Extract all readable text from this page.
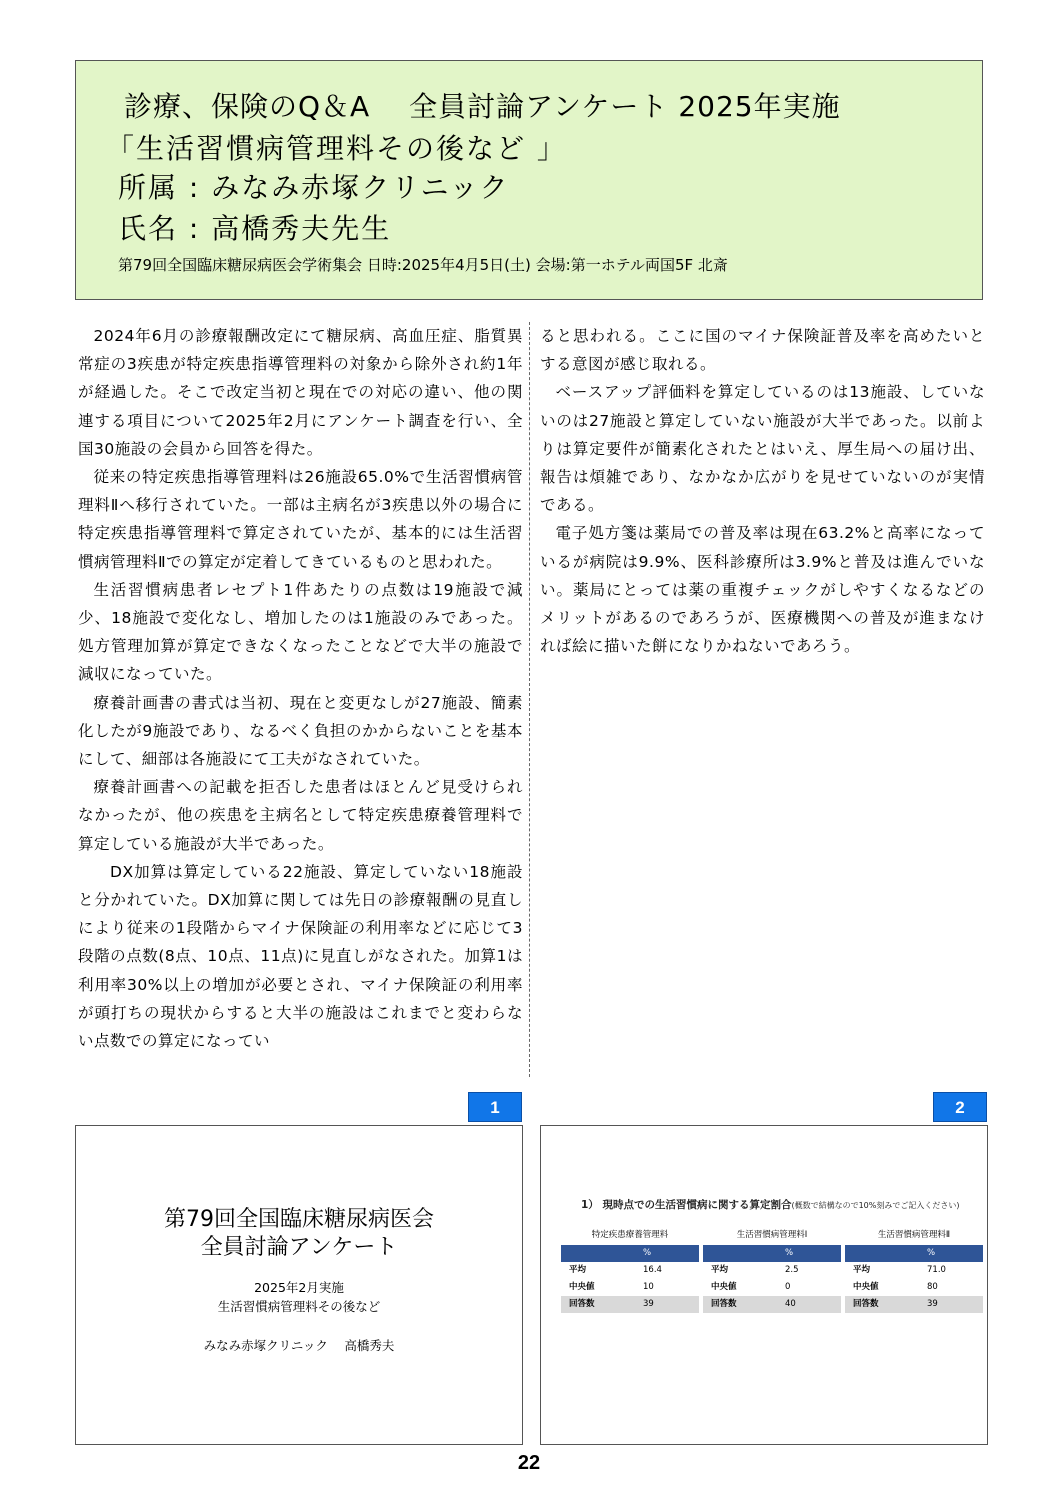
診療、保険のQ＆A　 全員討論アンケート 2025年実施
「生活習慣病管理料その後など 」
所属 : みなみ赤塚クリニック
氏名 : 高橋秀夫先生
第79回全国臨床糖尿病医会学術集会 日時:2025年4月5日(土) 会場:第一ホテル両国5F 北斎

2024年6月の診療報酬改定にて糖尿病、高血圧症、脂質異常症の3疾患が特定疾患指導管理料の対象から除外され約1年が経過した。そこで改定当初と現在での対応の違い、他の関連する項目について2025年2月にアンケート調査を行い、全国30施設の会員から回答を得た。

従来の特定疾患指導管理料は26施設65.0%で生活習慣病管理料Ⅱへ移行されていた。一部は主病名が3疾患以外の場合に特定疾患指導管理料で算定されていたが、基本的には生活習慣病管理料Ⅱでの算定が定着してきているものと思われた。

生活習慣病患者レセプト1件あたりの点数は19施設で減少、18施設で変化なし、増加したのは1施設のみであった。処方管理加算が算定できなくなったことなどで大半の施設で減収になっていた。

療養計画書の書式は当初、現在と変更なしが27施設、簡素化したが9施設であり、なるべく負担のかからないことを基本にして、細部は各施設にて工夫がなされていた。

療養計画書への記載を拒否した患者はほとんど見受けられなかったが、他の疾患を主病名として特定疾患療養管理料で算定している施設が大半であった。

　DX加算は算定している22施設、算定していない18施設と分かれていた。DX加算に関しては先日の診療報酬の見直しにより従来の1段階からマイナ保険証の利用率などに応じて3段階の点数(8点、10点、11点)に見直しがなされた。加算1は利用率30%以上の増加が必要とされ、マイナ保険証の利用率が頭打ちの現状からすると大半の施設はこれまでと変わらない点数での算定になってい

ると思われる。ここに国のマイナ保険証普及率を高めたいとする意図が感じ取れる。

ベースアップ評価料を算定しているのは13施設、していないのは27施設と算定していない施設が大半であった。以前よりは算定要件が簡素化されたとはいえ、厚生局への届け出、報告は煩雑であり、なかなか広がりを見せていないのが実情である。

電子処方箋は薬局での普及率は現在63.2%と高率になっているが病院は9.9%、医科診療所は3.9%と普及は進んでいない。薬局にとっては薬の重複チェックがしやすくなるなどのメリットがあるのであろうが、医療機関への普及が進まなければ絵に描いた餅になりかねないであろう。

1
第79回全国臨床糖尿病医会
全員討論アンケート
2025年2月実施
生活習慣病管理料その後など
みなみ赤塚クリニック　 高橋秀夫
2
1） 現時点での生活習慣病に関する算定割合(概数で結構なので10%刻みでご記入ください)
特定疾患療養管理料
%
平均	16.4
中央値	10
回答数	39
生活習慣病管理料Ⅰ
%
平均	2.5
中央値	0
回答数	40
生活習慣病管理料Ⅱ
%
平均	71.0
中央値	80
回答数	39
22
